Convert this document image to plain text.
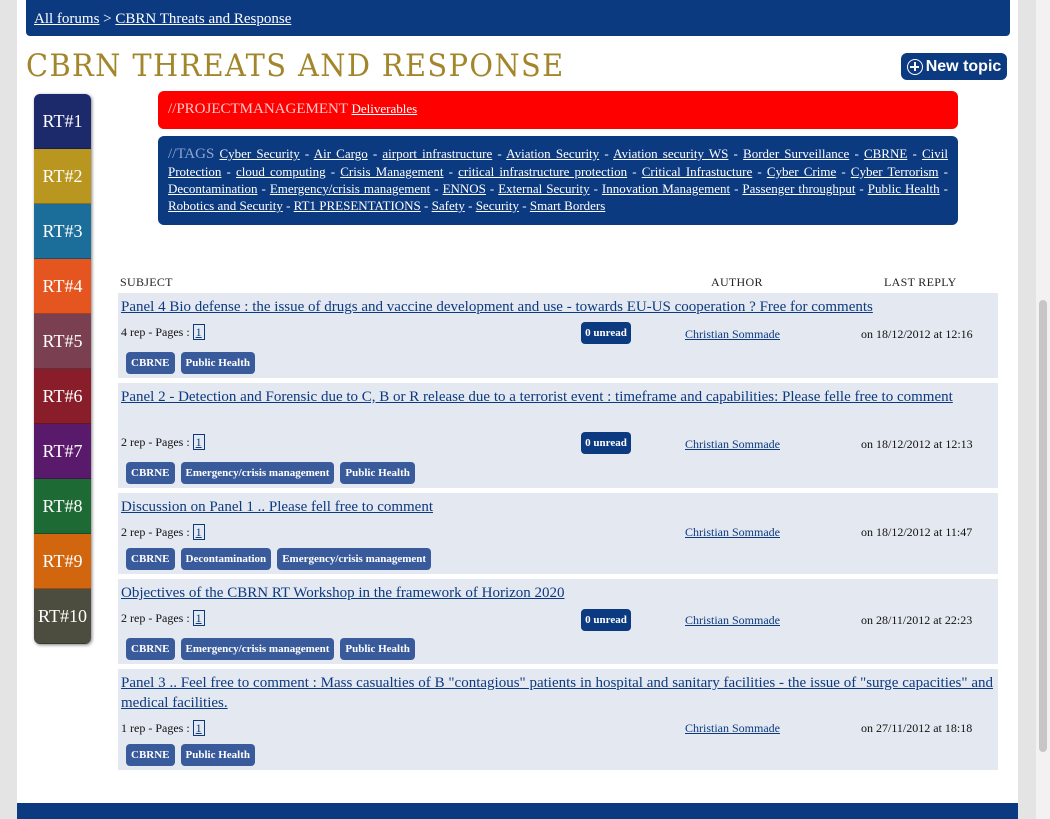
All forums > CBRN Threats and Response
CBRN THREATS AND RESPONSE	New topic
RT#1
RT#2
RT#3
RT#4
RT#5
RT#6
RT#7
RT#8
RT#9
RT#10
//PROJECTMANAGEMENT Deliverables
//TAGS Cyber Security - Air Cargo - airport infrastructure - Aviation Security - Aviation security WS - Border Surveillance - CBRNE - Civil Protection - cloud computing - Crisis Management - critical infrastructure protection - Critical Infrastucture - Cyber Crime - Cyber Terrorism - Decontamination - Emergency/crisis management - ENNOS - External Security - Innovation Management - Passenger throughput - Public Health - Robotics and Security - RT1 PRESENTATIONS - Safety - Security - Smart Borders
SUBJECT	AUTHOR	LAST REPLY
Panel 4 Bio defense : the issue of drugs and vaccine development and use - towards EU-US cooperation ? Free for comments
4 rep - Pages : 1	0 unread	Christian Sommade	on 18/12/2012 at 12:16
CBRNE	Public Health
Panel 2 - Detection and Forensic due to C, B or R release due to a terrorist event : timeframe and capabilities: Please felle free to comment
2 rep - Pages : 1	0 unread	Christian Sommade	on 18/12/2012 at 12:13
CBRNE	Emergency/crisis management	Public Health
Discussion on Panel 1 .. Please fell free to comment
2 rep - Pages : 1	Christian Sommade	on 18/12/2012 at 11:47
CBRNE	Decontamination	Emergency/crisis management
Objectives of the CBRN RT Workshop in the framework of Horizon 2020
2 rep - Pages : 1	0 unread	Christian Sommade	on 28/11/2012 at 22:23
CBRNE	Emergency/crisis management	Public Health
Panel 3 .. Feel free to comment : Mass casualties of B "contagious" patients in hospital and sanitary facilities - the issue of "surge capacities" and medical facilities.
1 rep - Pages : 1	Christian Sommade	on 27/11/2012 at 18:18
CBRNE	Public Health
